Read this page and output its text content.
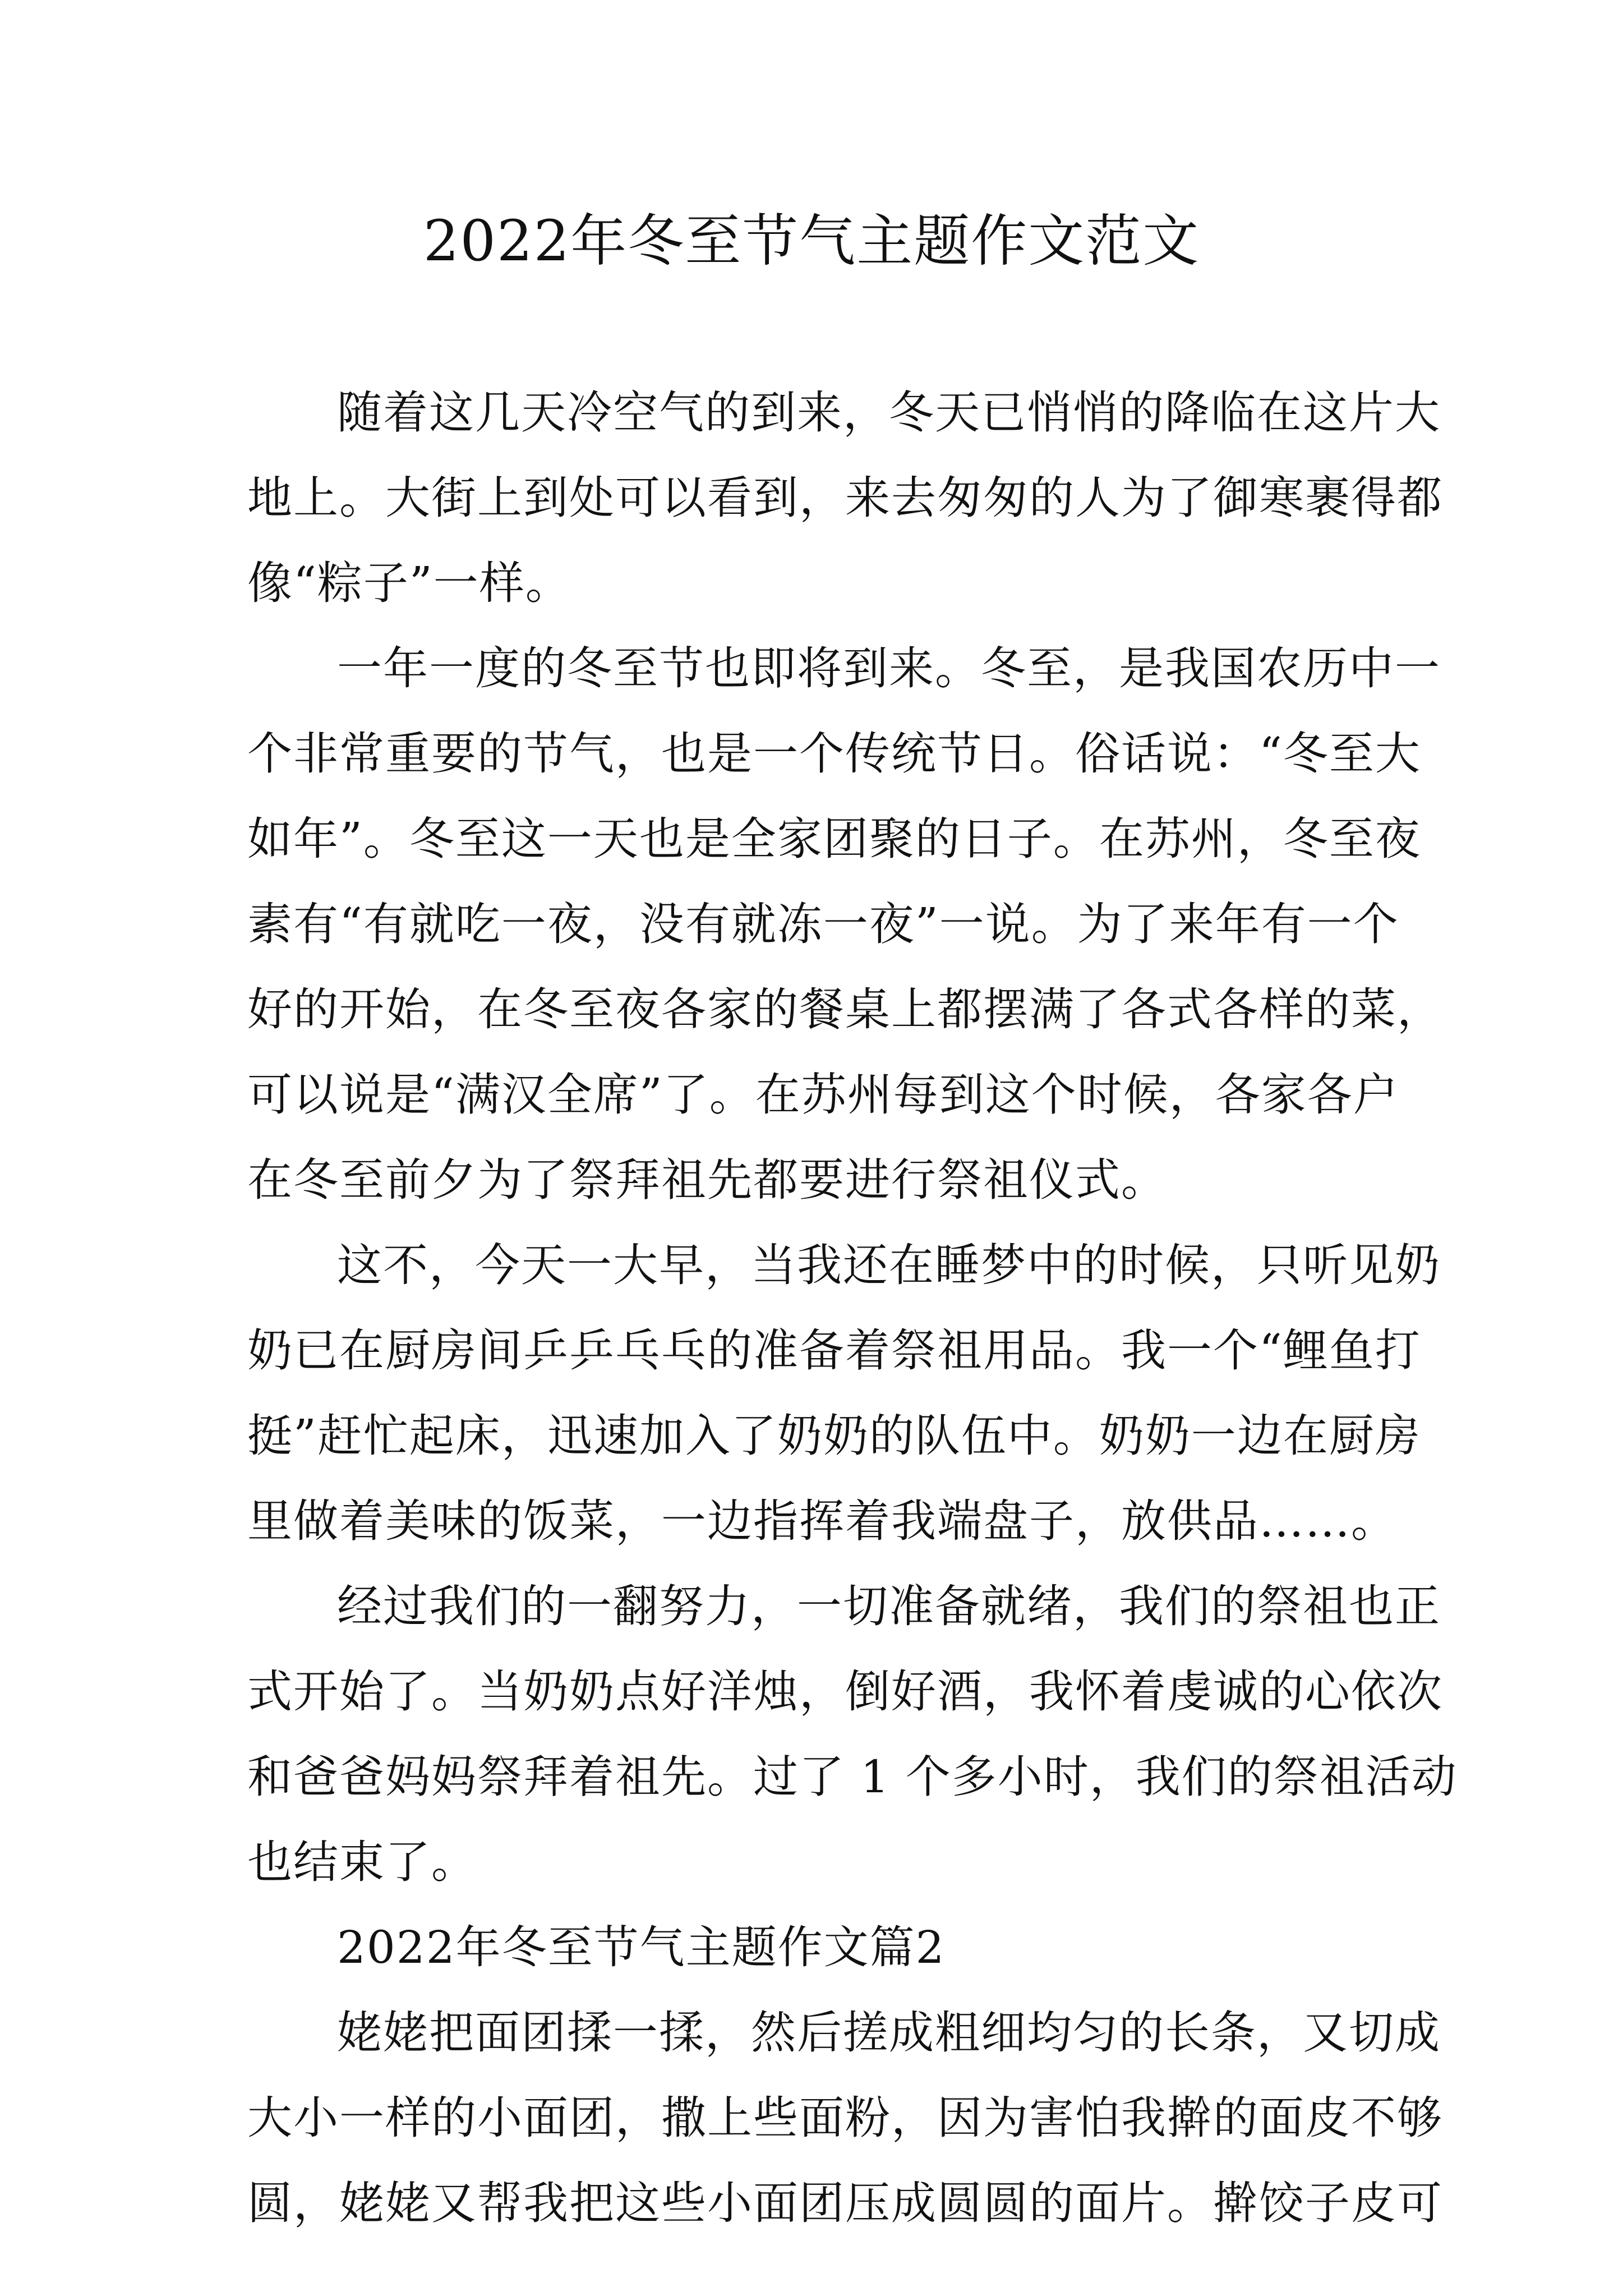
2022年冬至节气主题作文范文

随着这几天冷空气的到来，冬天已悄悄的降临在这片大
地上。大街上到处可以看到，来去匆匆的人为了御寒裹得都
像“粽子”一样。

一年一度的冬至节也即将到来。冬至，是我国农历中一
个非常重要的节气，也是一个传统节日。俗话说：“冬至大
如年”。冬至这一天也是全家团聚的日子。在苏州，冬至夜
素有“有就吃一夜，没有就冻一夜”一说。为了来年有一个
好的开始，在冬至夜各家的餐桌上都摆满了各式各样的菜，
可以说是“满汉全席”了。在苏州每到这个时候，各家各户
在冬至前夕为了祭拜祖先都要进行祭祖仪式。

这不，今天一大早，当我还在睡梦中的时候，只听见奶
奶已在厨房间乒乒乓乓的准备着祭祖用品。我一个“鲤鱼打
挺”赶忙起床，迅速加入了奶奶的队伍中。奶奶一边在厨房
里做着美味的饭菜，一边指挥着我端盘子，放供品……。

经过我们的一翻努力，一切准备就绪，我们的祭祖也正
式开始了。当奶奶点好洋烛，倒好酒，我怀着虔诚的心依次
和爸爸妈妈祭拜着祖先。过了 1 个多小时，我们的祭祖活动
也结束了。

2022年冬至节气主题作文篇2

姥姥把面团揉一揉，然后搓成粗细均匀的长条，又切成
大小一样的小面团，撒上些面粉，因为害怕我擀的面皮不够
圆，姥姥又帮我把这些小面团压成圆圆的面片。擀饺子皮可
